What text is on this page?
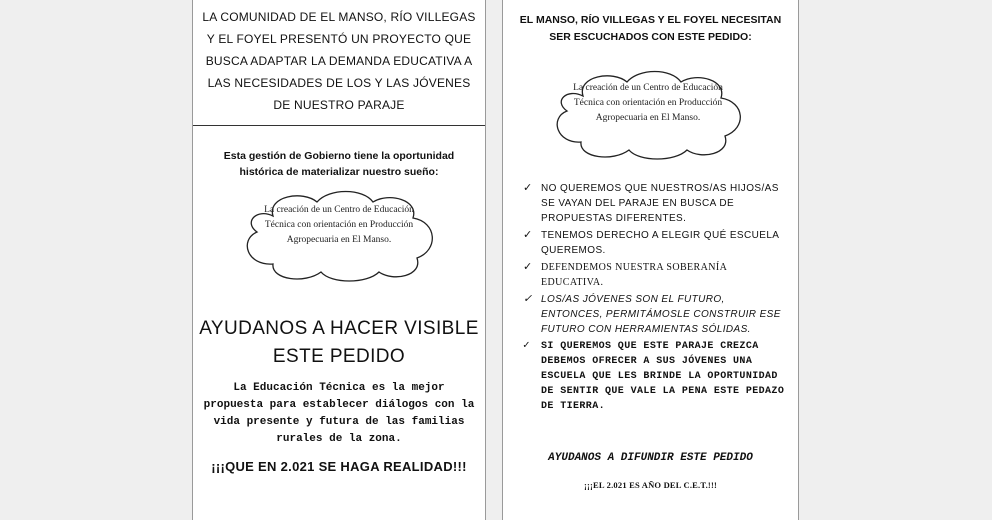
LA COMUNIDAD DE EL MANSO, RÍO VILLEGAS Y EL FOYEL PRESENTÓ UN PROYECTO QUE BUSCA ADAPTAR LA DEMANDA EDUCATIVA A LAS NECESIDADES DE LOS Y LAS JÓVENES DE NUESTRO PARAJE
Esta gestión de Gobierno tiene la oportunidad histórica de materializar nuestro sueño:
La creación de un Centro de Educación Técnica con orientación en Producción Agropecuaria en El Manso.
AYUDANOS A HACER VISIBLE ESTE PEDIDO
La Educación Técnica es la mejor propuesta para establecer diálogos con la vida presente y futura de las familias rurales de la zona.
¡¡¡QUE EN 2.021 SE HAGA REALIDAD!!!
EL MANSO, RÍO VILLEGAS Y EL FOYEL NECESITAN SER ESCUCHADOS CON ESTE PEDIDO:
La creación de un Centro de Educación Técnica con orientación en Producción Agropecuaria en El Manso.
✓ NO QUEREMOS QUE NUESTROS/AS HIJOS/AS SE VAYAN DEL PARAJE EN BUSCA DE PROPUESTAS DIFERENTES.
✓ TENEMOS DERECHO A ELEGIR QUÉ ESCUELA QUEREMOS.
✓ DEFENDEMOS NUESTRA SOBERANÍA EDUCATIVA.
✓ LOS/AS JÓVENES SON EL FUTURO, ENTONCES, PERMITÁMOSLE CONSTRUIR ESE FUTURO CON HERRAMIENTAS SÓLIDAS.
✓ SI QUEREMOS QUE ESTE PARAJE CREZCA DEBEMOS OFRECER A SUS JÓVENES UNA ESCUELA QUE LES BRINDE LA OPORTUNIDAD DE SENTIR QUE VALE LA PENA ESTE PEDAZO DE TIERRA.
AYUDANOS A DIFUNDIR ESTE PEDIDO
¡¡¡EL 2.021 ES AÑO DEL C.E.T.!!!
